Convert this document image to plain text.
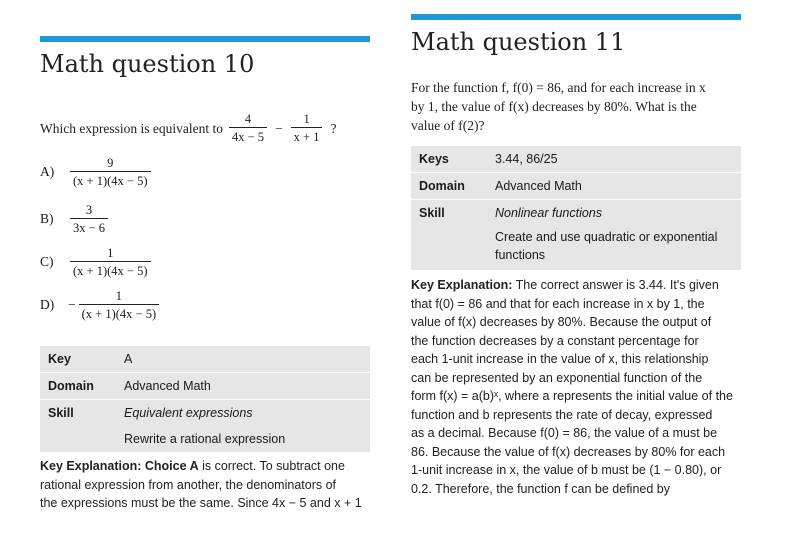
Math question 10
Which expression is equivalent to $\frac{4}{4x - 5} - \frac{1}{x + 1}$ ?
A)	$\frac{9}{(x + 1)(4x - 5)}$
B)	$\frac{3}{3x - 6}$
C)	$\frac{1}{(x + 1)(4x - 5)}$
D)	− $\frac{1}{(x + 1)(4x - 5)}$
Key	A
Domain	Advanced Math
Skill	Equivalent expressions
	Rewrite a rational expression
Key Explanation: Choice A is correct. To subtract one
rational expression from another, the denominators of
the expressions must be the same. Since 4x − 5 and x + 1
Math question 11
For the function f, f(0) = 86, and for each increase in x
by 1, the value of f(x) decreases by 80%. What is the
value of f(2)?
Keys	3.44, 86/25
Domain	Advanced Math
Skill	Nonlinear functions

	Create and use quadratic or exponential
functions
Key Explanation: The correct answer is 3.44. It's given
that f(0) = 86 and that for each increase in x by 1, the
value of f(x) decreases by 80%. Because the output of
the function decreases by a constant percentage for
each 1-unit increase in the value of x, this relationship
can be represented by an exponential function of the
form f(x) = a(b)ˣ, where a represents the initial value of the
function and b represents the rate of decay, expressed
as a decimal. Because f(0) = 86, the value of a must be
86. Because the value of f(x) decreases by 80% for each
1-unit increase in x, the value of b must be (1 − 0.80), or
0.2. Therefore, the function f can be defined by
